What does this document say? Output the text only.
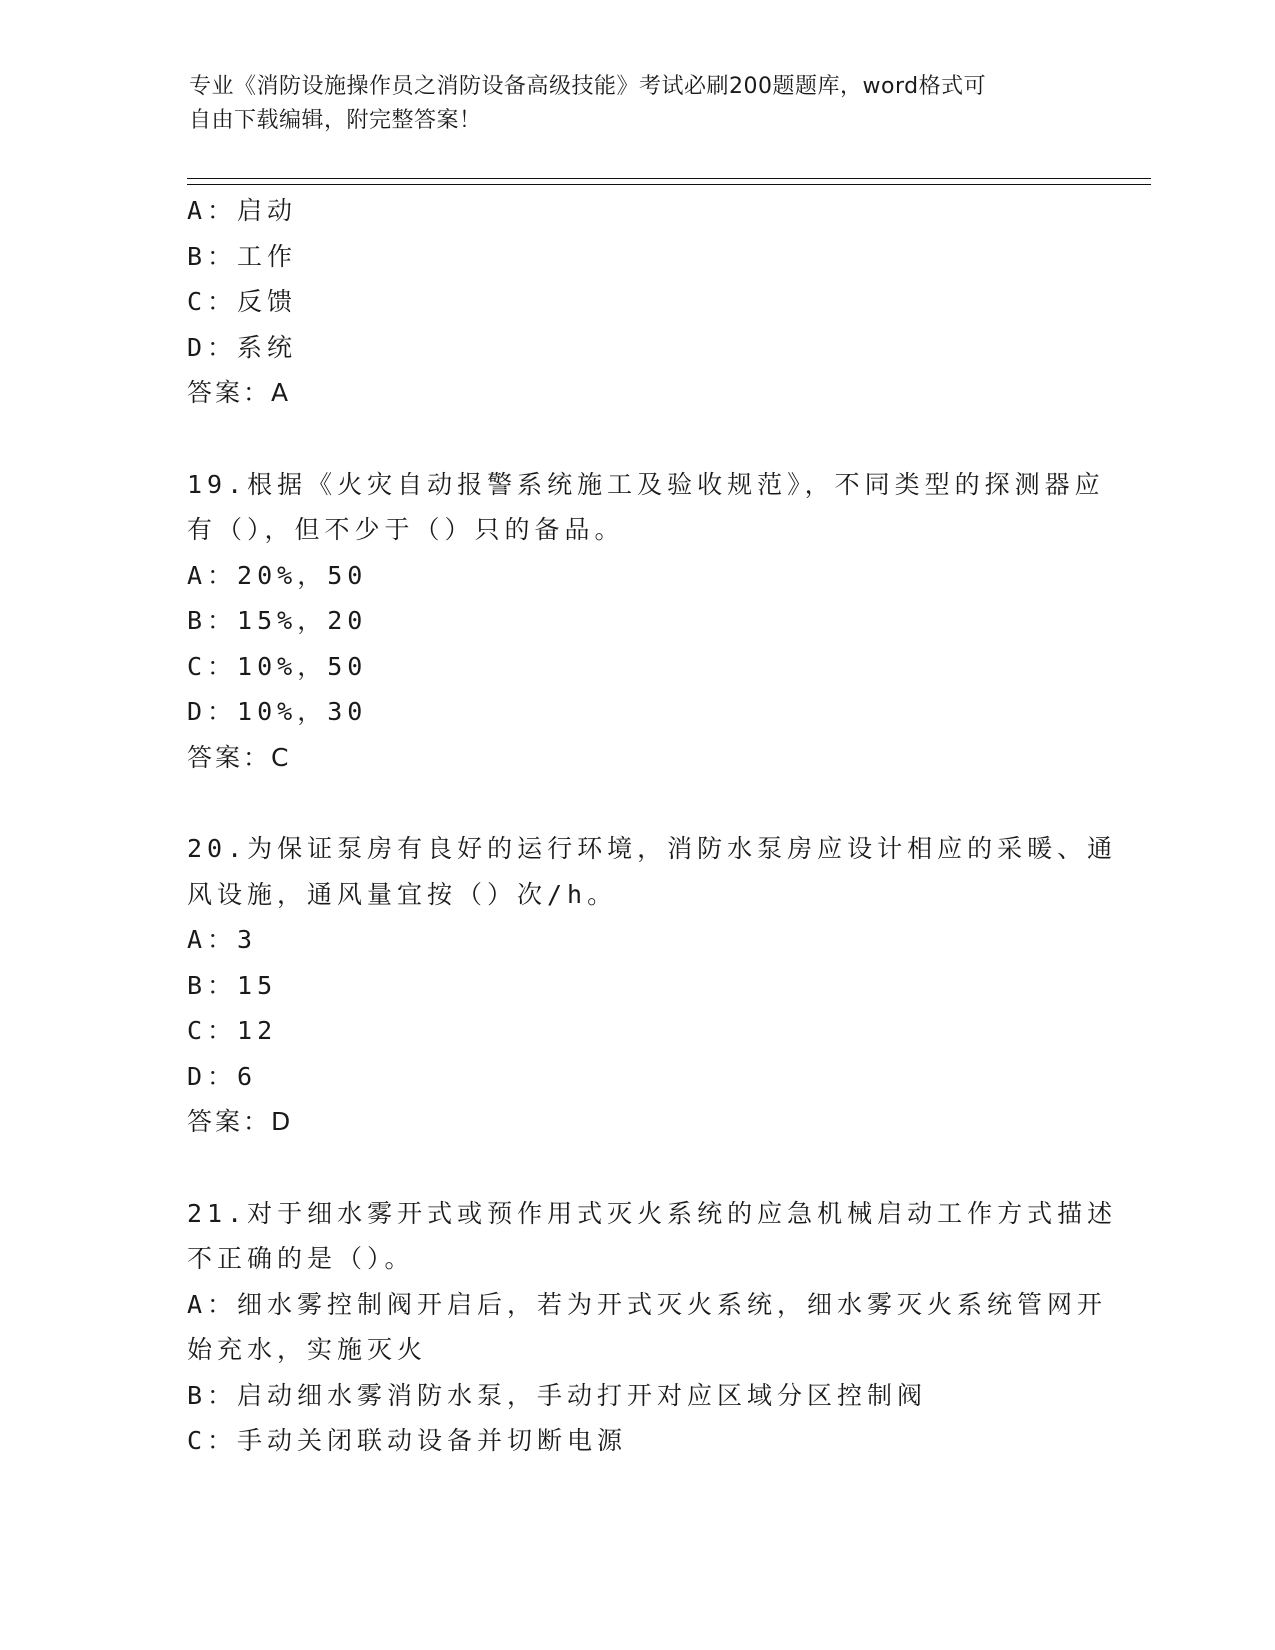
专业《消防设施操作员之消防设备高级技能》考试必刷200题题库，word格式可
自由下载编辑，附完整答案！
A：启动
B：工作
C：反馈
D：系统
答案：A
19.根据《火灾自动报警系统施工及验收规范》，不同类型的探测器应
有（），但不少于（）只的备品。
A：20%，50
B：15%，20
C：10%，50
D：10%，30
答案：C
20.为保证泵房有良好的运行环境，消防水泵房应设计相应的采暖、通
风设施，通风量宜按（）次/h。
A：3
B：15
C：12
D：6
答案：D
21.对于细水雾开式或预作用式灭火系统的应急机械启动工作方式描述
不正确的是（）。
A：细水雾控制阀开启后，若为开式灭火系统，细水雾灭火系统管网开
始充水，实施灭火
B：启动细水雾消防水泵，手动打开对应区域分区控制阀
C：手动关闭联动设备并切断电源
